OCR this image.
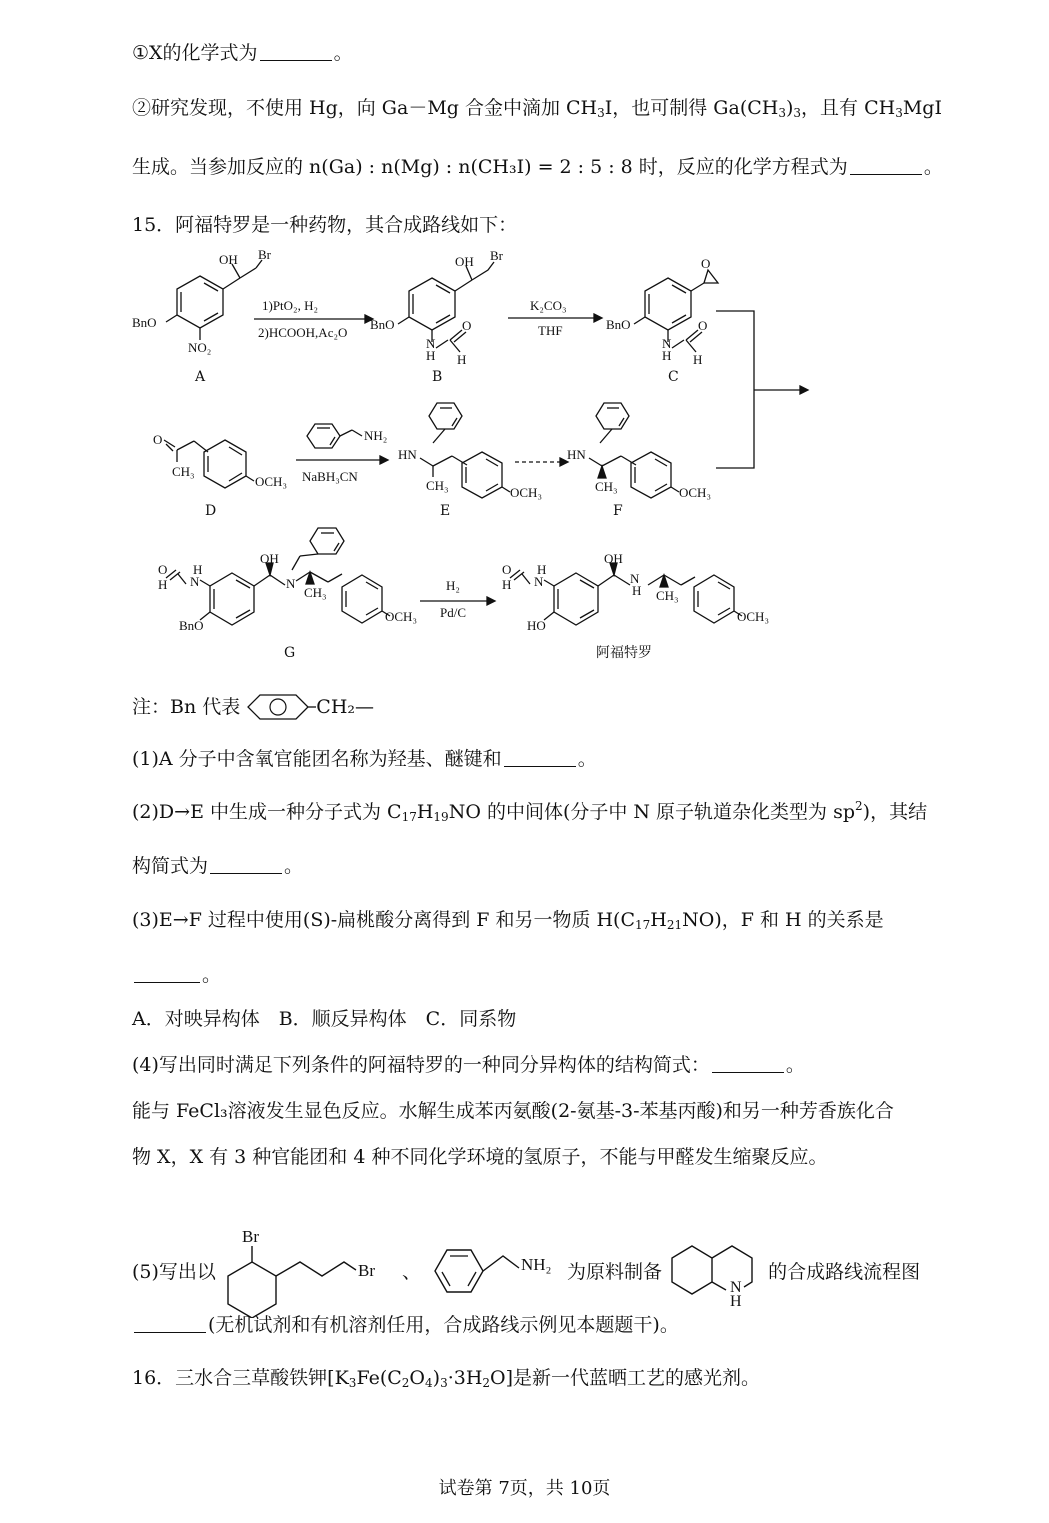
①X的化学式为	。
②研究发现，不使用 Hg，向 Ga－Mg 合金中滴加 $CH_3I$，也可制得 $Ga(CH_3)_3$，且有 $CH_3MgI$
生成。当参加反应的 n(Ga) : n(Mg) : n(CH₃I) = 2 : 5 : 8 时，反应的化学方程式为	。
15．阿福特罗是一种药物，其合成路线如下：
OH Br
BnO
NO₂
1)PtO₂, H₂
2)HCOOH,Ac₂O
OH Br
BnO
N
H
O
H
K₂CO₃
THF
O
BnO
N
H
O
H
O
CH₃
OCH₃
NH₂
NaBH₃CN
HN
CH₃	OCH₃
HN
CH₃	OCH₃
OH
N
N
H
H
O
BnO
CH₃
OCH₃
H₂
Pd/C
OH
N
H
N
H
H
O
HO
CH₃
OCH₃
A	B	C
D	E	F
G	阿福特罗
注：Bn 代表	CH₂—
(1)A 分子中含氧官能团名称为羟基、醚键和	。
(2)D→E 中生成一种分子式为 $C_{17}H_{19}NO$ 的中间体(分子中 N 原子轨道杂化类型为 $sp^2$)，其结
构简式为	。
(3)E→F 过程中使用(S)-扁桃酸分离得到 F 和另一物质 $H(C_{17}H_{21}NO)$，F 和 H 的关系是
。
A．对映异构体　B．顺反异构体　C．同系物
(4)写出同时满足下列条件的阿福特罗的一种同分异构体的结构简式：	。
能与 FeCl₃溶液发生显色反应。水解生成苯丙氨酸(2-氨基-3-苯基丙酸)和另一种芳香族化合
物 X，X 有 3 种官能团和 4 种不同化学环境的氢原子，不能与甲醛发生缩聚反应。
(5)写出以
Br
Br 、	NH₂ 为原料制备
N
H
的合成路线流程图
(无机试剂和有机溶剂任用，合成路线示例见本题题干)。
16．三水合三草酸铁钾$[K_3Fe(C_2O_4)_3\cdot 3H_2O]$是新一代蓝晒工艺的感光剂。
试卷第 7页，共 10页
